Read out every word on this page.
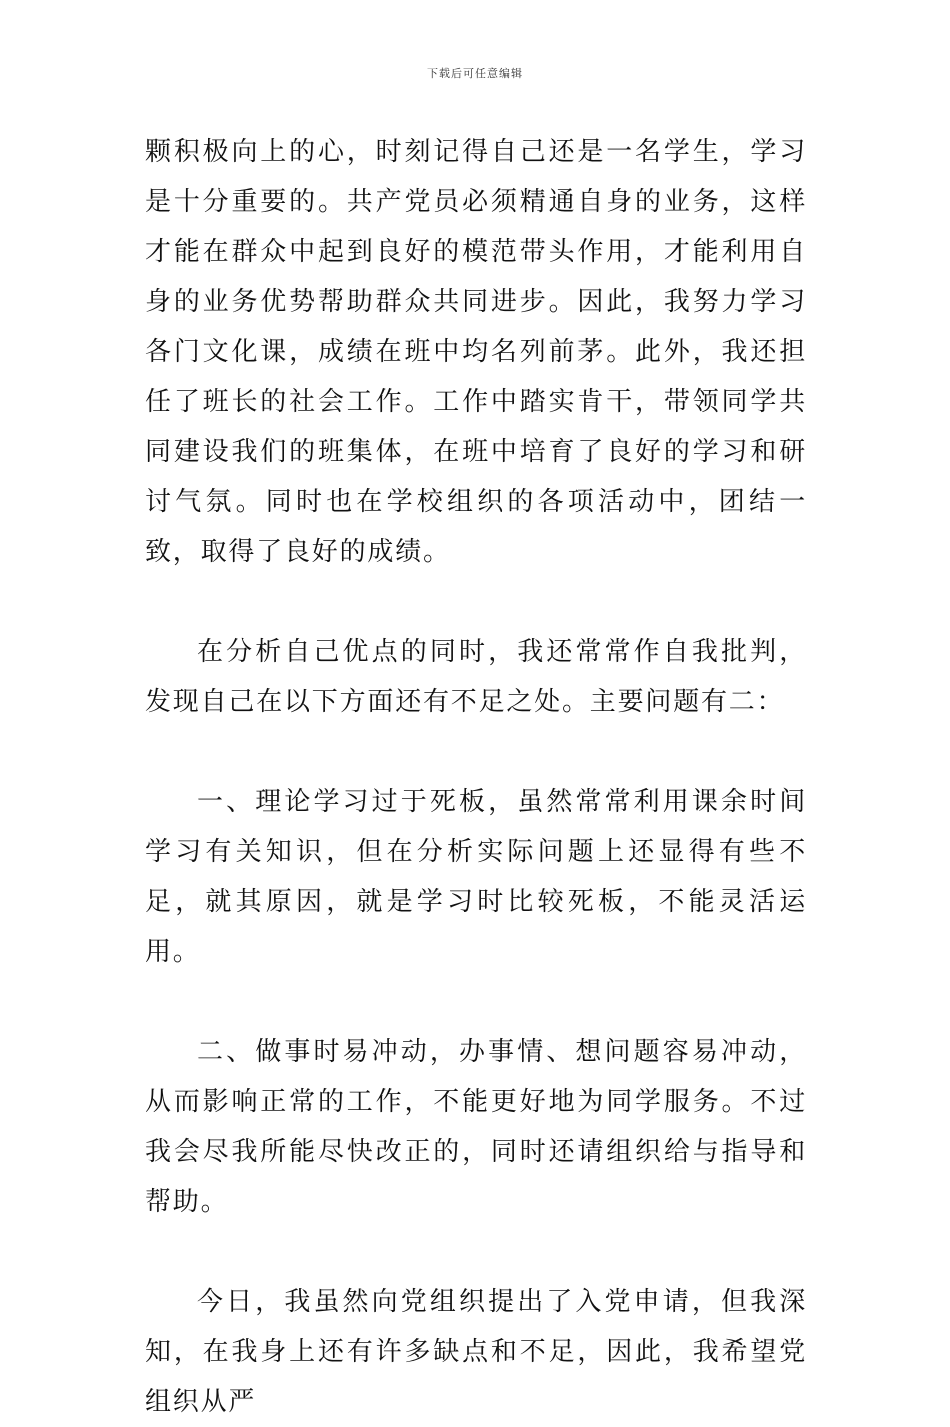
下载后可任意编辑

颗积极向上的心，时刻记得自己还是一名学生，学习是十分重要的。共产党员必须精通自身的业务，这样才能在群众中起到良好的模范带头作用，才能利用自身的业务优势帮助群众共同进步。因此，我努力学习各门文化课，成绩在班中均名列前茅。此外，我还担任了班长的社会工作。工作中踏实肯干，带领同学共同建设我们的班集体，在班中培育了良好的学习和研讨气氛。同时也在学校组织的各项活动中，团结一致，取得了良好的成绩。

在分析自己优点的同时，我还常常作自我批判，发现自己在以下方面还有不足之处。主要问题有二：

一、理论学习过于死板，虽然常常利用课余时间学习有关知识，但在分析实际问题上还显得有些不足，就其原因，就是学习时比较死板，不能灵活运用。

二、做事时易冲动，办事情、想问题容易冲动，从而影响正常的工作，不能更好地为同学服务。不过我会尽我所能尽快改正的，同时还请组织给与指导和帮助。

今日，我虽然向党组织提出了入党申请，但我深知，在我身上还有许多缺点和不足，因此，我希望党组织从严
